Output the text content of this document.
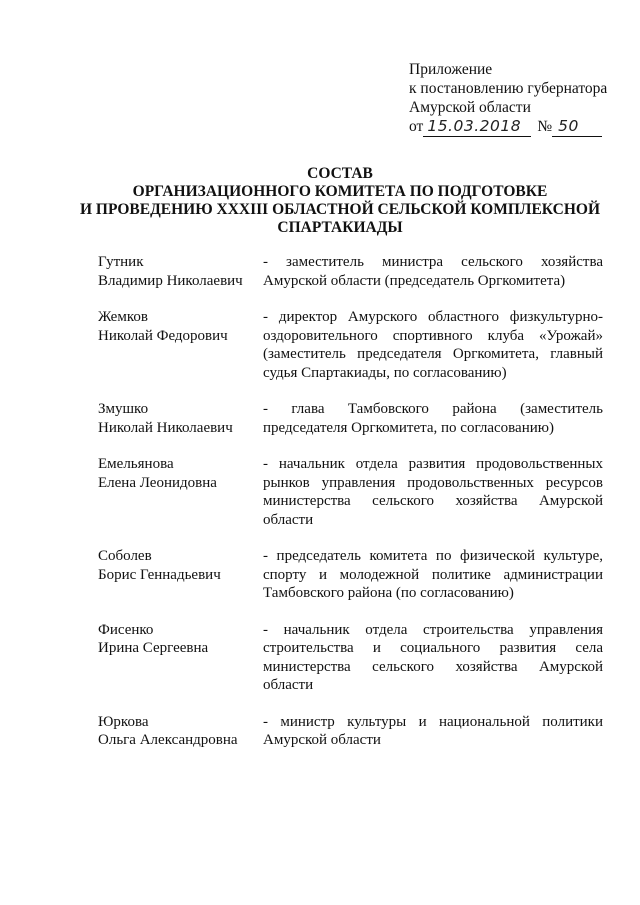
Приложение
к постановлению губернатора
Амурской области
от 15.03.2018	№ 50
СОСТАВ
ОРГАНИЗАЦИОННОГО КОМИТЕТА ПО ПОДГОТОВКЕ
И ПРОВЕДЕНИЮ XXXIII ОБЛАСТНОЙ СЕЛЬСКОЙ КОМПЛЕКСНОЙ
СПАРТАКИАДЫ
Гутник
Владимир Николаевич
- заместитель министра сельского хозяйства Амурской области (председатель Оргкомитета)
Жемков
Николай Федорович
- директор Амурского областного физкультурно-оздоровительного спортивного клуба «Урожай» (заместитель председателя Оргкомитета, главный судья Спартакиады, по согласованию)
Змушко
Николай Николаевич
- глава Тамбовского района (заместитель председателя Оргкомитета, по согласованию)
Емельянова
Елена Леонидовна
- начальник отдела развития продовольственных рынков управления продовольственных ресурсов министерства сельского хозяйства Амурской области
Соболев
Борис Геннадьевич
- председатель комитета по физической культуре, спорту и молодежной политике администрации Тамбовского района (по согласованию)
Фисенко
Ирина Сергеевна
- начальник отдела строительства управления строительства и социального развития села министерства сельского хозяйства Амурской области
Юркова
Ольга Александровна
- министр культуры и национальной политики Амурской области
